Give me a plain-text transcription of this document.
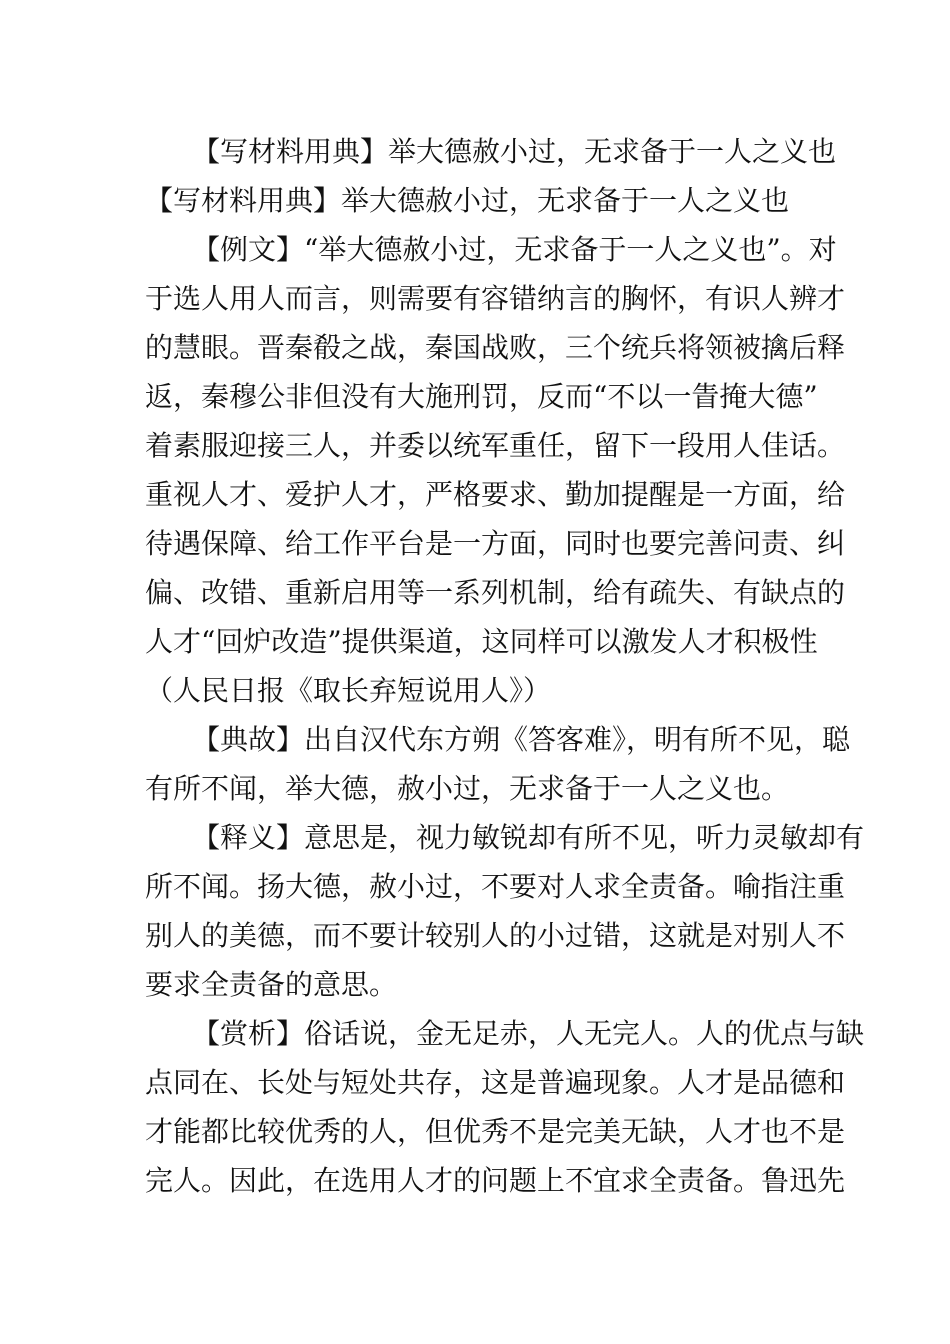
【写材料用典】举大德赦小过，无求备于一人之义也
【写材料用典】举大德赦小过，无求备于一人之义也
【例文】“举大德赦小过，无求备于一人之义也”。对
于选人用人而言，则需要有容错纳言的胸怀，有识人辨才
的慧眼。晋秦殽之战，秦国战败，三个统兵将领被擒后释
返，秦穆公非但没有大施刑罚，反而“不以一眚掩大德”
着素服迎接三人，并委以统军重任，留下一段用人佳话。
重视人才、爱护人才，严格要求、勤加提醒是一方面，给
待遇保障、给工作平台是一方面，同时也要完善问责、纠
偏、改错、重新启用等一系列机制，给有疏失、有缺点的
人才“回炉改造”提供渠道，这同样可以激发人才积极性
（人民日报《取长弃短说用人》）
【典故】出自汉代东方朔《答客难》，明有所不见，聪
有所不闻，举大德，赦小过，无求备于一人之义也。
【释义】意思是，视力敏锐却有所不见，听力灵敏却有
所不闻。扬大德，赦小过，不要对人求全责备。喻指注重
别人的美德，而不要计较别人的小过错，这就是对别人不
要求全责备的意思。
【赏析】俗话说，金无足赤，人无完人。人的优点与缺
点同在、长处与短处共存，这是普遍现象。人才是品德和
才能都比较优秀的人，但优秀不是完美无缺，人才也不是
完人。因此，在选用人才的问题上不宜求全责备。鲁迅先
